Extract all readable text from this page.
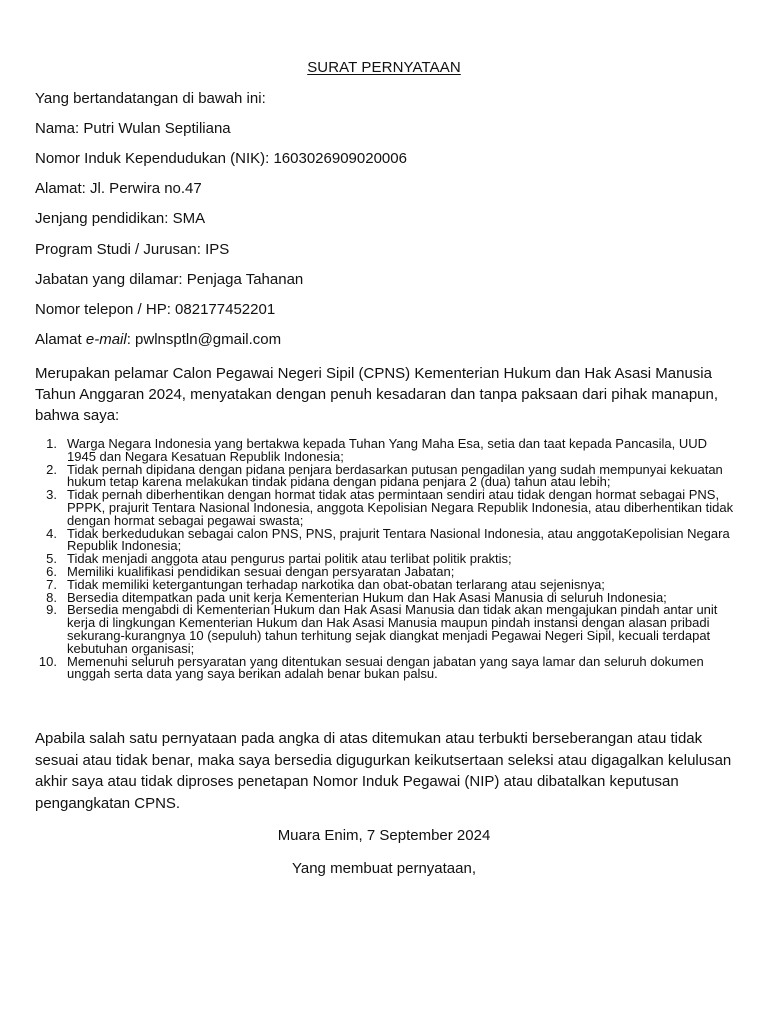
SURAT PERNYATAAN
Yang bertandatangan di bawah ini:
Nama: Putri Wulan Septiliana
Nomor Induk Kependudukan (NIK): 1603026909020006
Alamat: Jl. Perwira no.47
Jenjang pendidikan: SMA
Program Studi / Jurusan: IPS
Jabatan yang dilamar: Penjaga Tahanan
Nomor telepon / HP: 082177452201
Alamat e-mail: pwlnsptln@gmail.com
Merupakan pelamar Calon Pegawai Negeri Sipil (CPNS) Kementerian Hukum dan Hak Asasi Manusia Tahun Anggaran 2024, menyatakan dengan penuh kesadaran dan tanpa paksaan dari pihak manapun, bahwa saya:
1. Warga Negara Indonesia yang bertakwa kepada Tuhan Yang Maha Esa, setia dan taat kepada Pancasila, UUD 1945 dan Negara Kesatuan Republik Indonesia;
2. Tidak pernah dipidana dengan pidana penjara berdasarkan putusan pengadilan yang sudah mempunyai kekuatan hukum tetap karena melakukan tindak pidana dengan pidana penjara 2 (dua) tahun atau lebih;
3. Tidak pernah diberhentikan dengan hormat tidak atas permintaan sendiri atau tidak dengan hormat sebagai PNS, PPPK, prajurit Tentara Nasional Indonesia, anggota Kepolisian Negara Republik Indonesia, atau diberhentikan tidak dengan hormat sebagai pegawai swasta;
4. Tidak berkedudukan sebagai calon PNS, PNS, prajurit Tentara Nasional Indonesia, atau anggotaKepolisian Negara Republik Indonesia;
5. Tidak menjadi anggota atau pengurus partai politik atau terlibat politik praktis;
6. Memiliki kualifikasi pendidikan sesuai dengan persyaratan Jabatan;
7. Tidak memiliki ketergantungan terhadap narkotika dan obat-obatan terlarang atau sejenisnya;
8. Bersedia ditempatkan pada unit kerja Kementerian Hukum dan Hak Asasi Manusia di seluruh Indonesia;
9. Bersedia mengabdi di Kementerian Hukum dan Hak Asasi Manusia dan tidak akan mengajukan pindah antar unit kerja di lingkungan Kementerian Hukum dan Hak Asasi Manusia maupun pindah instansi dengan alasan pribadi sekurang-kurangnya 10 (sepuluh) tahun terhitung sejak diangkat menjadi Pegawai Negeri Sipil, kecuali terdapat kebutuhan organisasi;
10. Memenuhi seluruh persyaratan yang ditentukan sesuai dengan jabatan yang saya lamar dan seluruh dokumen unggah serta data yang saya berikan adalah benar bukan palsu.
Apabila salah satu pernyataan pada angka di atas ditemukan atau terbukti berseberangan atau tidak sesuai atau tidak benar, maka saya bersedia digugurkan keikutsertaan seleksi atau digagalkan kelulusan akhir saya atau tidak diproses penetapan Nomor Induk Pegawai (NIP) atau dibatalkan keputusan pengangkatan CPNS.
Muara Enim, 7 September 2024
Yang membuat pernyataan,
